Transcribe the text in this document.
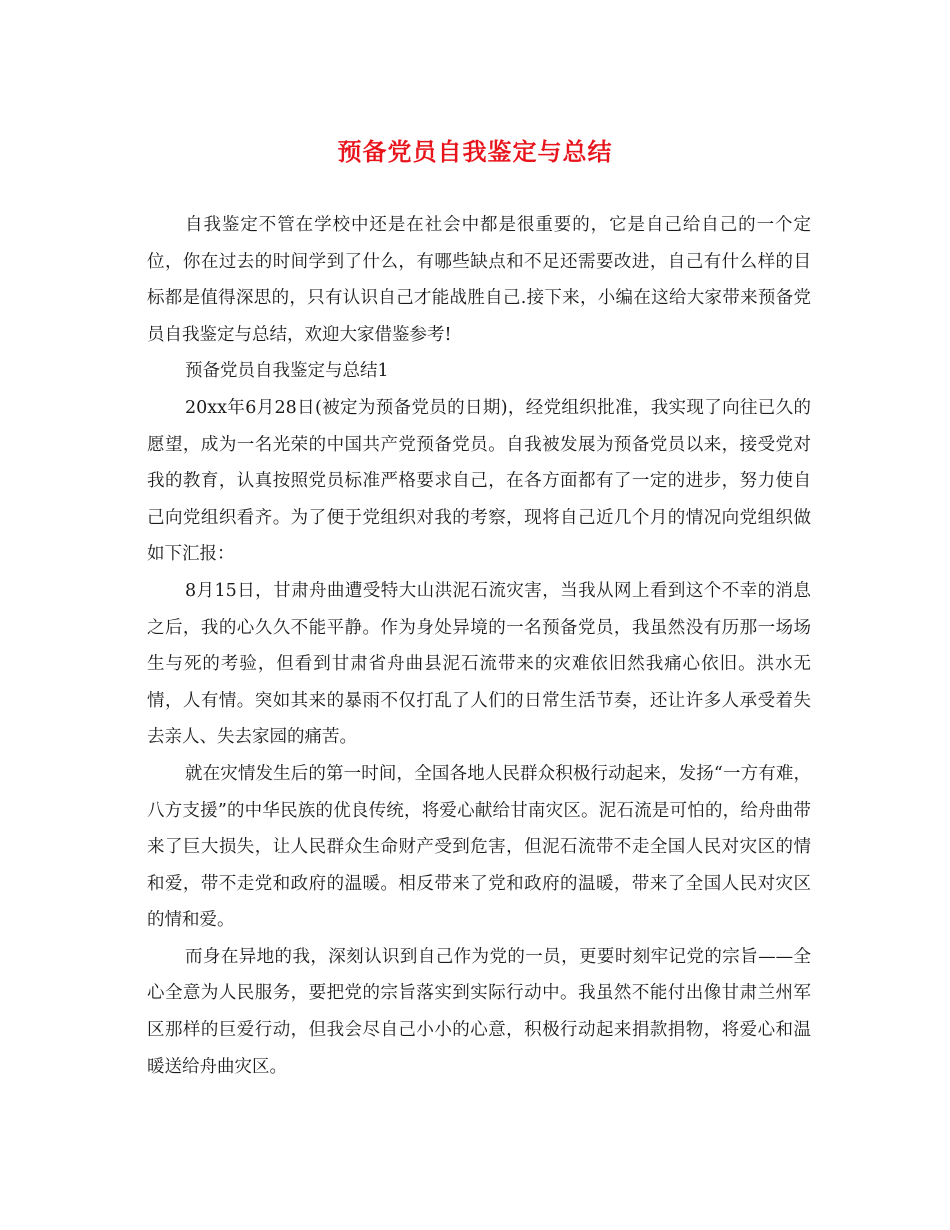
预备党员自我鉴定与总结

自我鉴定不管在学校中还是在社会中都是很重要的，它是自己给自己的一个定位，你在过去的时间学到了什么，有哪些缺点和不足还需要改进，自己有什么样的目标都是值得深思的，只有认识自己才能战胜自己.接下来，小编在这给大家带来预备党员自我鉴定与总结，欢迎大家借鉴参考!

预备党员自我鉴定与总结1

20xx年6月28日(被定为预备党员的日期)，经党组织批准，我实现了向往已久的愿望，成为一名光荣的中国共产党预备党员。自我被发展为预备党员以来，接受党对我的教育，认真按照党员标准严格要求自己，在各方面都有了一定的进步，努力使自己向党组织看齐。为了便于党组织对我的考察，现将自己近几个月的情况向党组织做如下汇报：

8月15日，甘肃舟曲遭受特大山洪泥石流灾害，当我从网上看到这个不幸的消息之后，我的心久久不能平静。作为身处异境的一名预备党员，我虽然没有历那一场场生与死的考验，但看到甘肃省舟曲县泥石流带来的灾难依旧然我痛心依旧。洪水无情，人有情。突如其来的暴雨不仅打乱了人们的日常生活节奏，还让许多人承受着失去亲人、失去家园的痛苦。

就在灾情发生后的第一时间，全国各地人民群众积极行动起来，发扬“一方有难，八方支援”的中华民族的优良传统，将爱心献给甘南灾区。泥石流是可怕的，给舟曲带来了巨大损失，让人民群众生命财产受到危害，但泥石流带不走全国人民对灾区的情和爱，带不走党和政府的温暖。相反带来了党和政府的温暖，带来了全国人民对灾区的情和爱。

而身在异地的我，深刻认识到自己作为党的一员，更要时刻牢记党的宗旨——全心全意为人民服务，要把党的宗旨落实到实际行动中。我虽然不能付出像甘肃兰州军区那样的巨爱行动，但我会尽自己小小的心意，积极行动起来捐款捐物，将爱心和温暖送给舟曲灾区。
